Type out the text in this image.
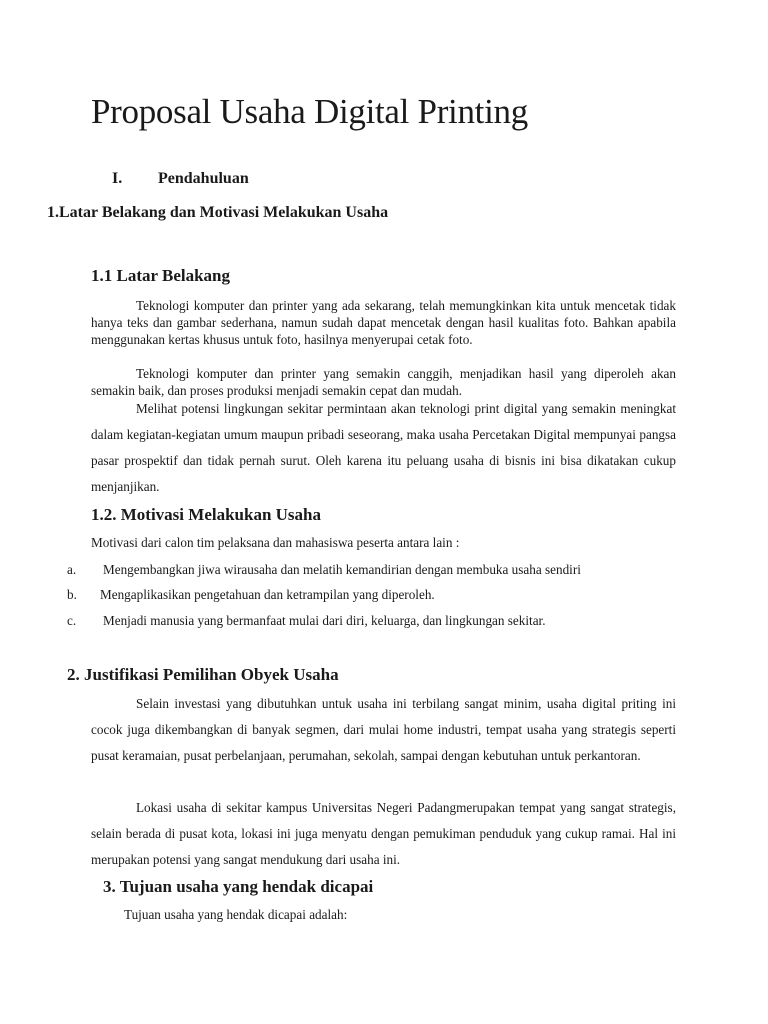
Proposal Usaha Digital Printing
I. Pendahuluan
1.Latar Belakang dan Motivasi Melakukan Usaha
1.1 Latar Belakang
Teknologi komputer dan printer yang ada sekarang, telah memungkinkan kita untuk mencetak tidak hanya teks dan gambar sederhana, namun sudah dapat mencetak dengan hasil kualitas foto. Bahkan apabila menggunakan kertas khusus untuk foto, hasilnya menyerupai cetak foto.
Teknologi komputer dan printer yang semakin canggih, menjadikan hasil yang diperoleh akan semakin baik, dan proses produksi menjadi semakin cepat dan mudah.
Melihat potensi lingkungan sekitar permintaan akan teknologi print digital yang semakin meningkat dalam kegiatan-kegiatan umum maupun pribadi seseorang, maka usaha Percetakan Digital mempunyai pangsa pasar prospektif dan tidak pernah surut. Oleh karena itu peluang usaha di bisnis ini bisa dikatakan cukup menjanjikan.
1.2. Motivasi Melakukan Usaha
Motivasi dari calon tim pelaksana dan mahasiswa peserta antara lain :
a. Mengembangkan jiwa wirausaha dan melatih kemandirian dengan membuka usaha sendiri
b. Mengaplikasikan pengetahuan dan ketrampilan yang diperoleh.
c. Menjadi manusia yang bermanfaat mulai dari diri, keluarga, dan lingkungan sekitar.
2. Justifikasi Pemilihan Obyek Usaha
Selain investasi yang dibutuhkan untuk usaha ini terbilang sangat minim, usaha digital priting ini cocok juga dikembangkan di banyak segmen, dari mulai home industri, tempat usaha yang strategis seperti pusat keramaian, pusat perbelanjaan, perumahan, sekolah, sampai dengan kebutuhan untuk perkantoran.
Lokasi usaha di sekitar kampus Universitas Negeri Padangmerupakan tempat yang sangat strategis, selain berada di pusat kota, lokasi ini juga menyatu dengan pemukiman penduduk yang cukup ramai. Hal ini merupakan potensi yang sangat mendukung dari usaha ini.
3. Tujuan usaha yang hendak dicapai
Tujuan usaha yang hendak dicapai adalah:
